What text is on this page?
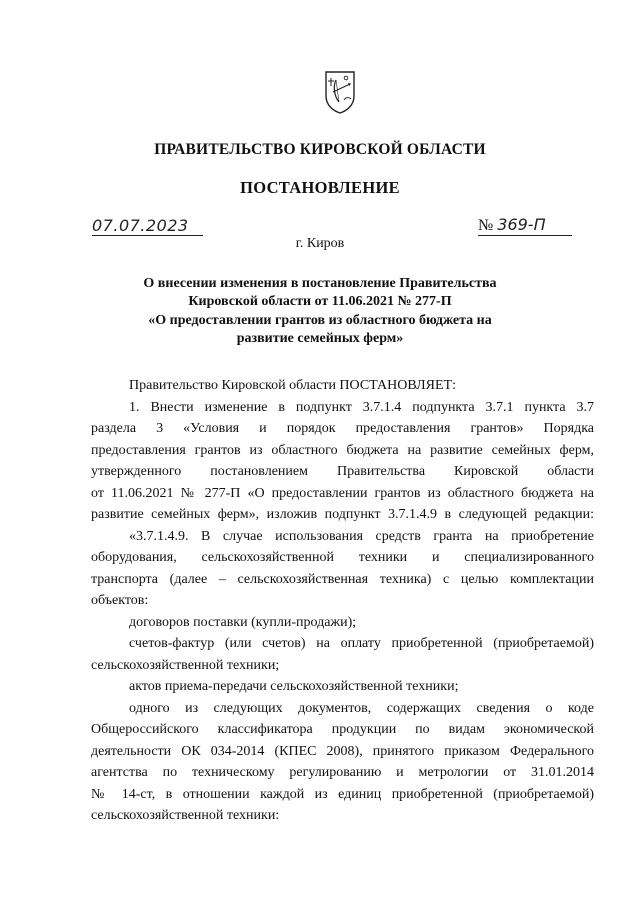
ПРАВИТЕЛЬСТВО КИРОВСКОЙ ОБЛАСТИ
ПОСТАНОВЛЕНИЕ
07.07.2023	№ 369-П
г. Киров
О внесении изменения в постановление Правительства
Кировской области от 11.06.2021 № 277-П
«О предоставлении грантов из областного бюджета на
развитие семейных ферм»
Правительство Кировской области ПОСТАНОВЛЯЕТ:
1. Внести изменение в подпункт 3.7.1.4 подпункта 3.7.1 пункта 3.7
раздела 3 «Условия и порядок предоставления грантов» Порядка
предоставления грантов из областного бюджета на развитие семейных ферм,
утвержденного постановлением Правительства Кировской области
от 11.06.2021 № 277-П «О предоставлении грантов из областного бюджета на
развитие семейных ферм», изложив подпункт 3.7.1.4.9 в следующей редакции:
«3.7.1.4.9. В случае использования средств гранта на приобретение
оборудования, сельскохозяйственной техники и специализированного
транспорта (далее – сельскохозяйственная техника) с целью комплектации
объектов:
договоров поставки (купли-продажи);
счетов-фактур (или счетов) на оплату приобретенной (приобретаемой)
сельскохозяйственной техники;
актов приема-передачи сельскохозяйственной техники;
одного из следующих документов, содержащих сведения о коде
Общероссийского классификатора продукции по видам экономической
деятельности ОК 034-2014 (КПЕС 2008), принятого приказом Федерального
агентства по техническому регулированию и метрологии от 31.01.2014
№ 14-ст, в отношении каждой из единиц приобретенной (приобретаемой)
сельскохозяйственной техники:
